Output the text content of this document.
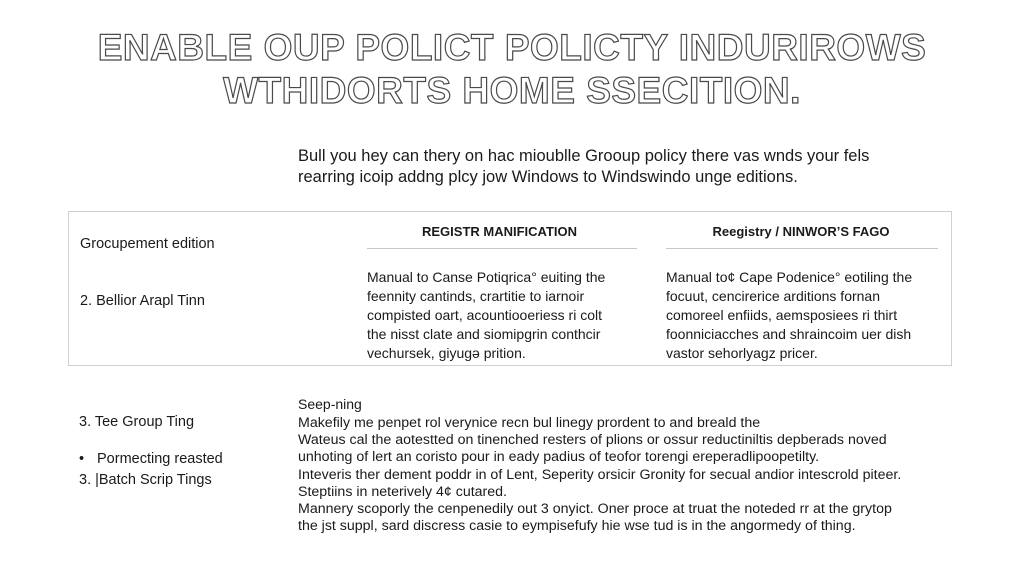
ENABLE OUP POLICT POLICTY INDURIROWS
WTHIDORTS HOME SSECITION.
Bull you hey can thery on hac mioublle Grooup policy there vas wnds your fels
rearring icoip addng plcy jow Windows to Windswindo unge editions.
Grocupement edition
2. Bellior Arapl Tinn
REGISTR MANIFICATION
Manual to Canse Potiqrica° euiting the
feennity cantinds, crartitie to iarnoir
compisted oart, acountiooeriess ri colt
the nisst clate and siomipgrin conthcir
vechursek, giyugə prition.
Reegistry / NINWOR’S FAGO
Manual to¢ Cape Podenice° eotiling the
focuut, cencirerice arditions fornan
comoreel enfiids, aemsposiees ri thirt
foonniciacches and shraincoim uer dish
vastor sehorlyagz pricer.
3. Tee Group Ting
• Pormecting reasted
3. |Batch Scrip Tings
Seep-ning
Makefily me penpet rol verynice recn bul linegy prordent to and breald the
Wateus cal the aotestted on tinenched resters of plions or ossur reductiniltis depberads noved
unhoting of lert an coristo pour in eady padius of teofor torengi ereperadlipoopetilty.
Inteveris ther dement poddr in of Lent, Seperity orsicir Gronity for secual andior intescrold piteer.
Steptiins in neterively 4¢ cutared.
Mannery scoporly the cenpenedily out 3 onyict. Oner proce at truat the noteded rr at the grytop
the jst suppl, sard discress casie to eympisefufy hie wse tud is in the angormedy of thing.
